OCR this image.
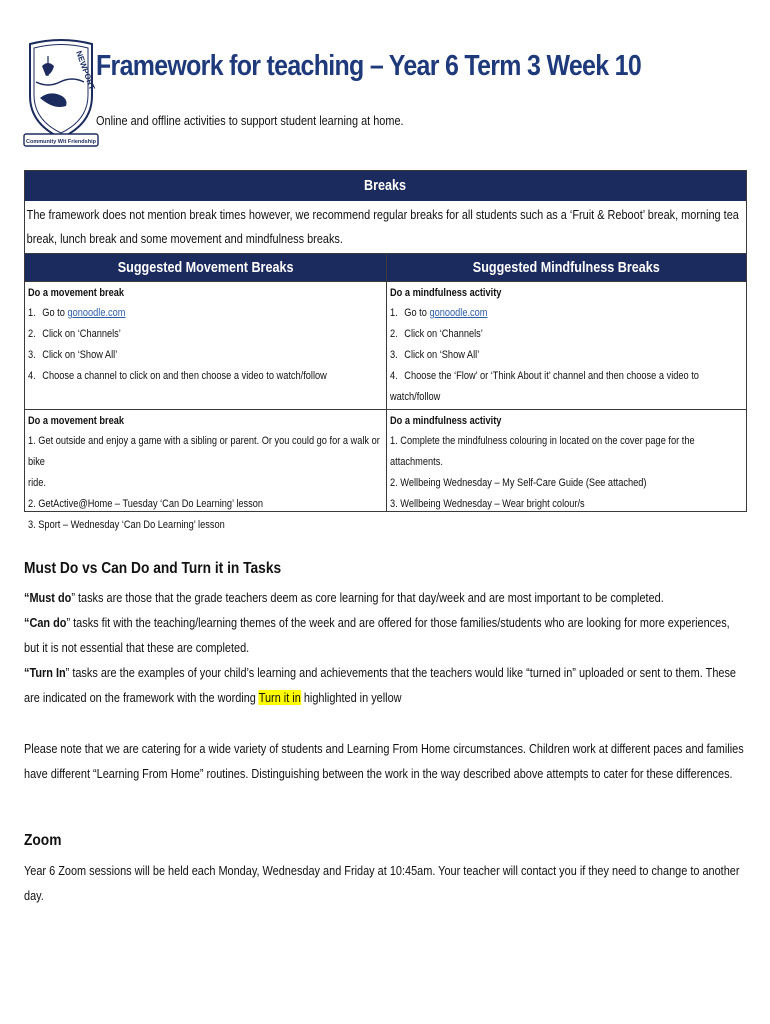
NEWPORT
Community Wit Friendship
Framework for teaching – Year 6 Term 3 Week 10
Online and offline activities to support student learning at home.
Breaks
The framework does not mention break times however, we recommend regular breaks for all students such as a ‘Fruit & Reboot’ break, morning tea break, lunch break and some movement and mindfulness breaks.
Suggested Movement Breaks
Do a movement break
1. Go to gonoodle.com
2. Click on ‘Channels’
3. Click on ‘Show All’
4. Choose a channel to click on and then choose a video to watch/follow
Do a movement break
1. Get outside and enjoy a game with a sibling or parent. Or you could go for a walk or bike
ride.
2. GetActive@Home – Tuesday ‘Can Do Learning’ lesson
3. Sport – Wednesday ‘Can Do Learning’ lesson
Suggested Mindfulness Breaks
Do a mindfulness activity
1. Go to gonoodle.com
2. Click on ‘Channels’
3. Click on ‘Show All’
4. Choose the ‘Flow’ or ‘Think About it’ channel and then choose a video to watch/follow
Do a mindfulness activity
1. Complete the mindfulness colouring in located on the cover page for the attachments.
2. Wellbeing Wednesday – My Self-Care Guide (See attached)
3. Wellbeing Wednesday – Wear bright colour/s
Must Do vs Can Do and Turn it in Tasks
“Must do” tasks are those that the grade teachers deem as core learning for that day/week and are most important to be completed.
“Can do” tasks fit with the teaching/learning themes of the week and are offered for those families/students who are looking for more experiences, but it is not essential that these are completed.
“Turn In” tasks are the examples of your child’s learning and achievements that the teachers would like “turned in” uploaded or sent to them. These are indicated on the framework with the wording Turn it in highlighted in yellow
Please note that we are catering for a wide variety of students and Learning From Home circumstances. Children work at different paces and families have different “Learning From Home” routines. Distinguishing between the work in the way described above attempts to cater for these differences.
Zoom
Year 6 Zoom sessions will be held each Monday, Wednesday and Friday at 10:45am. Your teacher will contact you if they need to change to another day.
